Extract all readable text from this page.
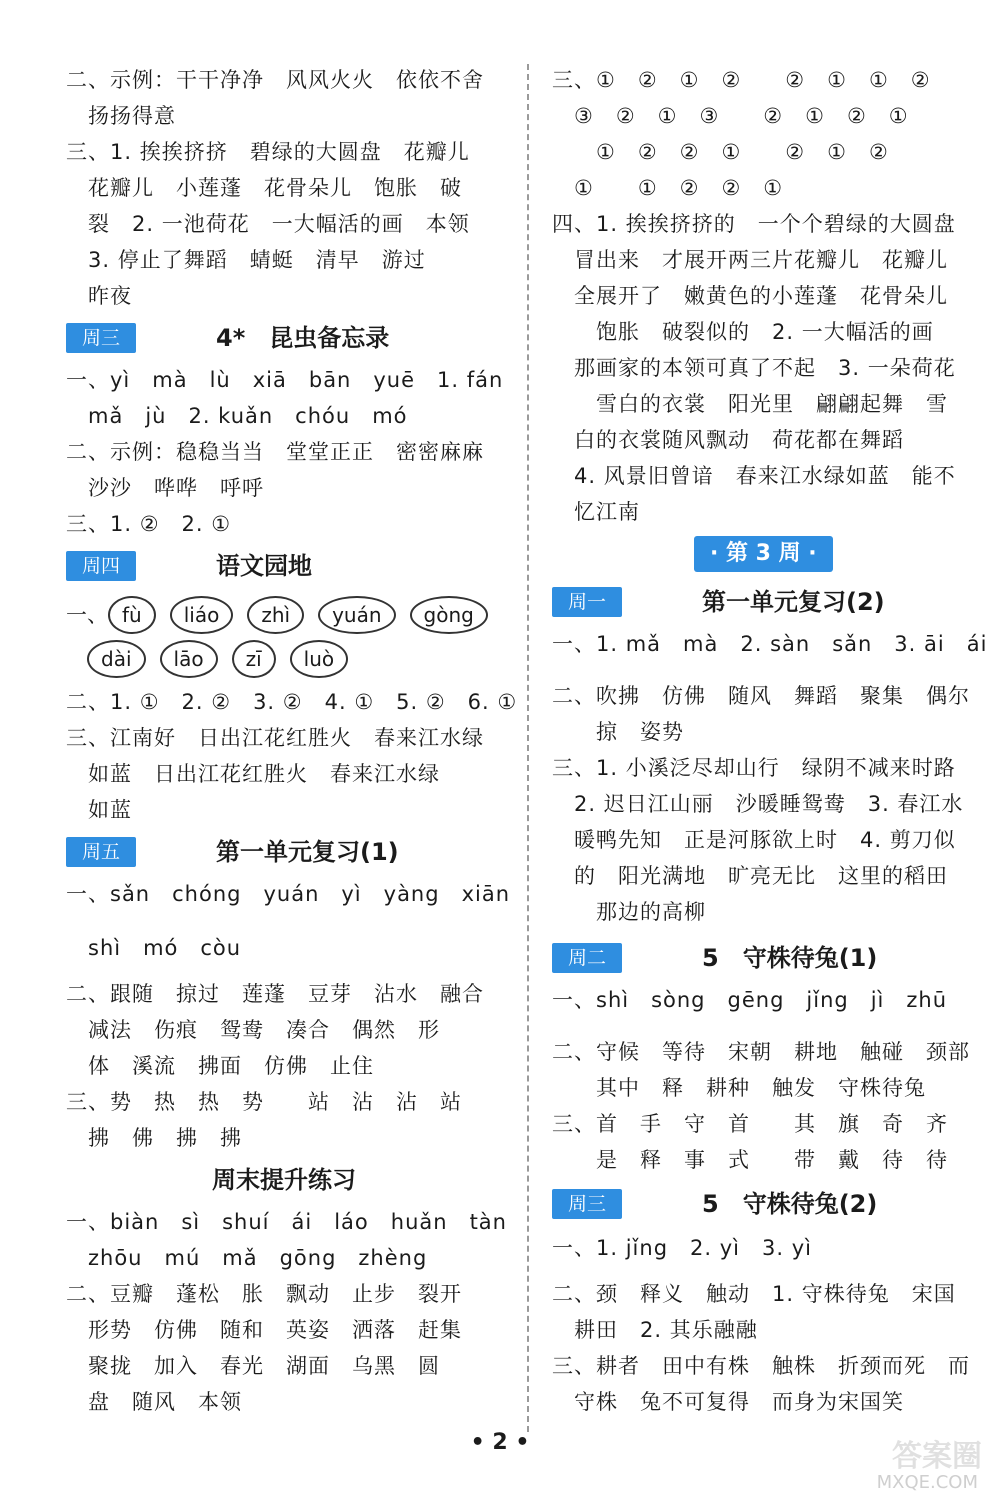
二、示例：干干净净　风风火火　依依不舍
　扬扬得意
三、1. 挨挨挤挤　碧绿的大圆盘　花瓣儿
　花瓣儿　小莲蓬　花骨朵儿　饱胀　破
　裂　2. 一池荷花　一大幅活的画　本领
　3. 停止了舞蹈　蜻蜓　清早　游过
　昨夜
周三	4*　昆虫备忘录
一、yì　mà　lù　xiā　bān　yuē　1. fán
　mǎ　jù　2. kuǎn　chóu　mó
二、示例：稳稳当当　堂堂正正　密密麻麻
　沙沙　哗哗　呼呼
三、1. ②　2. ①
周四	语文园地
一、 fù liáo zhì yuán gòng
　dài lāo zī luò
二、1. ①　2. ②　3. ②　4. ①　5. ②　6. ①
三、江南好　日出江花红胜火　春来江水绿
　如蓝　日出江花红胜火　春来江水绿
　如蓝
周五	第一单元复习(1)
一、sǎn　chóng　yuán　yì　yàng　xiān
　shì　mó　còu
二、跟随　掠过　莲蓬　豆芽　沾水　融合
　减法　伤痕　鸳鸯　凑合　偶然　形
　体　溪流　拂面　仿佛　止住
三、势　热　热　势　　站　沾　沾　站
　拂　佛　拂　拂
周末提升练习
一、biàn　sì　shuí　ái　láo　huǎn　tàn
　zhōu　mú　mǎ　gōng　zhèng
二、豆瓣　蓬松　胀　飘动　止步　裂开
　形势　仿佛　随和　英姿　洒落　赶集
　聚拢　加入　春光　湖面　乌黑　圆
　盘　随风　本领
三、①　②　①　②　　②　①　①　②
　③　②　①　③　　②　①　②　①
　　①　②　②　①　　②　①　②
　①　　①　②　②　①
四、1. 挨挨挤挤的　一个个碧绿的大圆盘
　冒出来　才展开两三片花瓣儿　花瓣儿
　全展开了　嫩黄色的小莲蓬　花骨朵儿
　　饱胀　破裂似的　2. 一大幅活的画
　那画家的本领可真了不起　3. 一朵荷花
　　雪白的衣裳　阳光里　翩翩起舞　雪
　白的衣裳随风飘动　荷花都在舞蹈
　4. 风景旧曾谙　春来江水绿如蓝　能不
　忆江南
· 第 3 周 ·
周一	第一单元复习(2)
一、1. mǎ　mà　2. sàn　sǎn　3. āi　ái
二、吹拂　仿佛　随风　舞蹈　聚集　偶尔
　　掠　姿势
三、1. 小溪泛尽却山行　绿阴不减来时路
　2. 迟日江山丽　沙暖睡鸳鸯　3. 春江水
　暖鸭先知　正是河豚欲上时　4. 剪刀似
　的　阳光满地　旷亮无比　这里的稻田
　　那边的高柳
周二	5　守株待兔(1)
一、shì　sòng　gēng　jǐng　jì　zhū
二、守候　等待　宋朝　耕地　触碰　颈部
　　其中　释　耕种　触发　守株待兔
三、首　手　守　首　　其　旗　奇　齐
　　是　释　事　式　　带　戴　待　待
周三	5　守株待兔(2)
一、1. jǐng　2. yì　3. yì
二、颈　释义　触动　1. 守株待兔　宋国
　耕田　2. 其乐融融
三、耕者　田中有株　触株　折颈而死　而
　守株　兔不可复得　而身为宋国笑
• 2 •	答案圈
MXQE.COM
